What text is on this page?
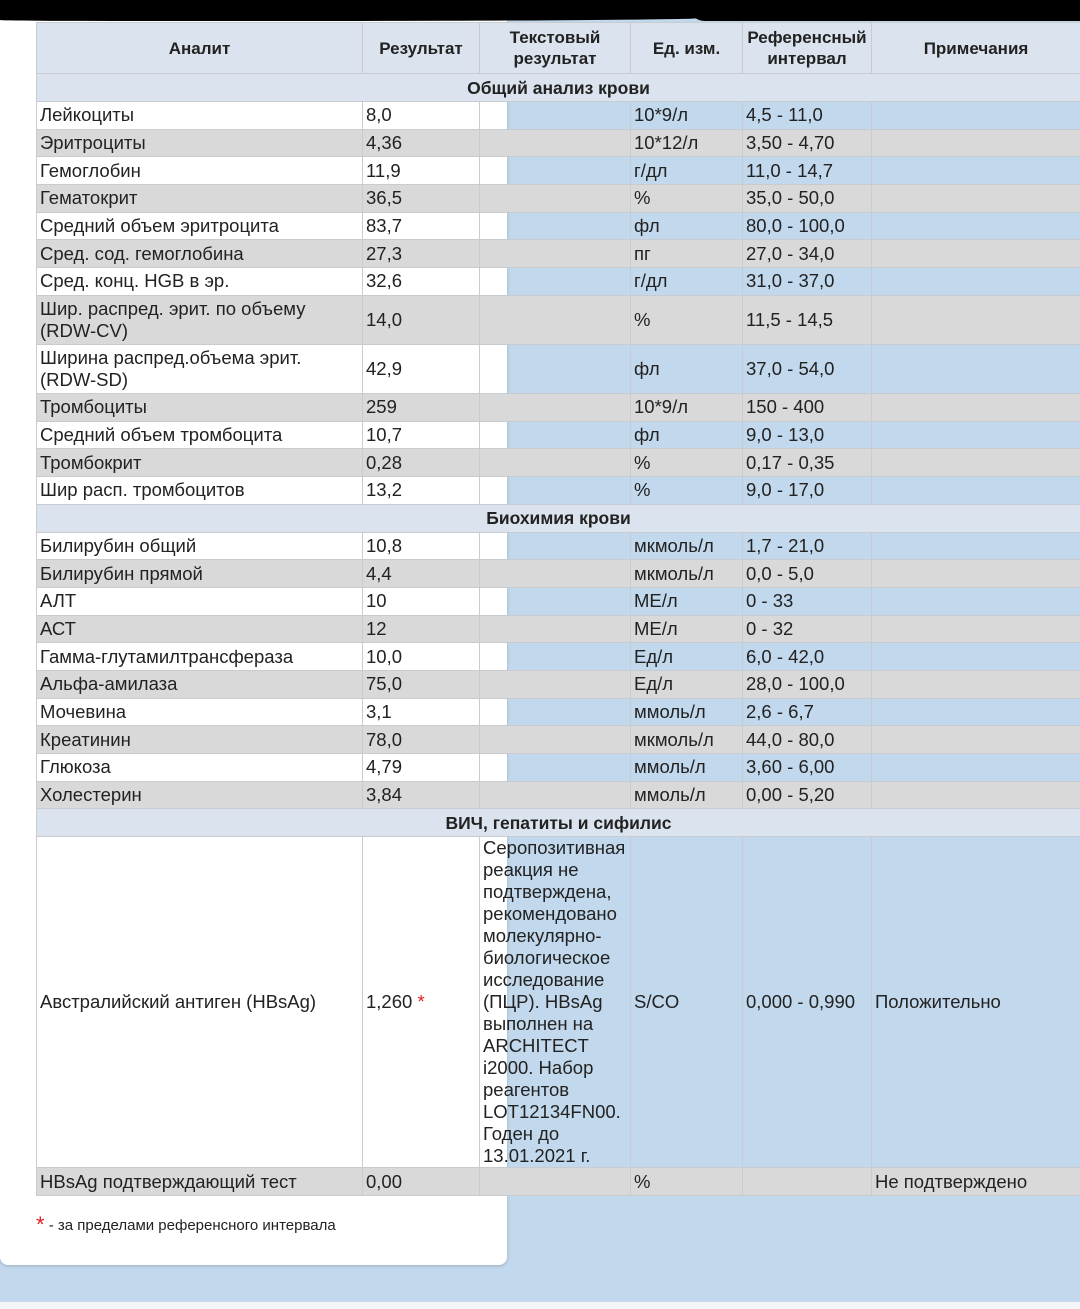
Аналит	Результат	Текстовый результат	Ед. изм.	Референсный интервал	Примечания
Общий анализ крови					
Лейкоциты	8,0		10*9/л	4,5 - 11,0	
Эритроциты	4,36		10*12/л	3,50 - 4,70	
Гемоглобин	11,9		г/дл	11,0 - 14,7	
Гематокрит	36,5		%	35,0 - 50,0	
Средний объем эритроцита	83,7		фл	80,0 - 100,0	
Сред. сод. гемоглобина	27,3		пг	27,0 - 34,0	
Сред. конц. HGB в эр.	32,6		г/дл	31,0 - 37,0	
Шир. распред. эрит. по объему (RDW-CV)	14,0		%	11,5 - 14,5	
Ширина распред.объема эрит. (RDW-SD)	42,9		фл	37,0 - 54,0	
Тромбоциты	259		10*9/л	150 - 400	
Средний объем тромбоцита	10,7		фл	9,0 - 13,0	
Тромбокрит	0,28		%	0,17 - 0,35	
Шир расп. тромбоцитов	13,2		%	9,0 - 17,0	
Биохимия крови					
Билирубин общий	10,8		мкмоль/л	1,7 - 21,0	
Билирубин прямой	4,4		мкмоль/л	0,0 - 5,0	
АЛТ	10		МЕ/л	0 - 33	
АСТ	12		МЕ/л	0 - 32	
Гамма-глутамилтрансфераза	10,0		Ед/л	6,0 - 42,0	
Альфа-амилаза	75,0		Ед/л	28,0 - 100,0	
Мочевина	3,1		ммоль/л	2,6 - 6,7	
Креатинин	78,0		мкмоль/л	44,0 - 80,0	
Глюкоза	4,79		ммоль/л	3,60 - 6,00	
Холестерин	3,84		ммоль/л	0,00 - 5,20	
ВИЧ, гепатиты и сифилис					
Австралийский антиген (HBsAg)	1,260 *	Серопозитивная реакция не подтверждена, рекомендовано молекулярно-биологическое исследование (ПЦР). HBsAg выполнен на ARCHITECT i2000. Набор реагентов LOT12134FN00. Годен до 13.01.2021 г.	S/CO	0,000 - 0,990	Положительно
HBsAg подтверждающий тест	0,00		%		Не подтверждено
* - за пределами референсного интервала
